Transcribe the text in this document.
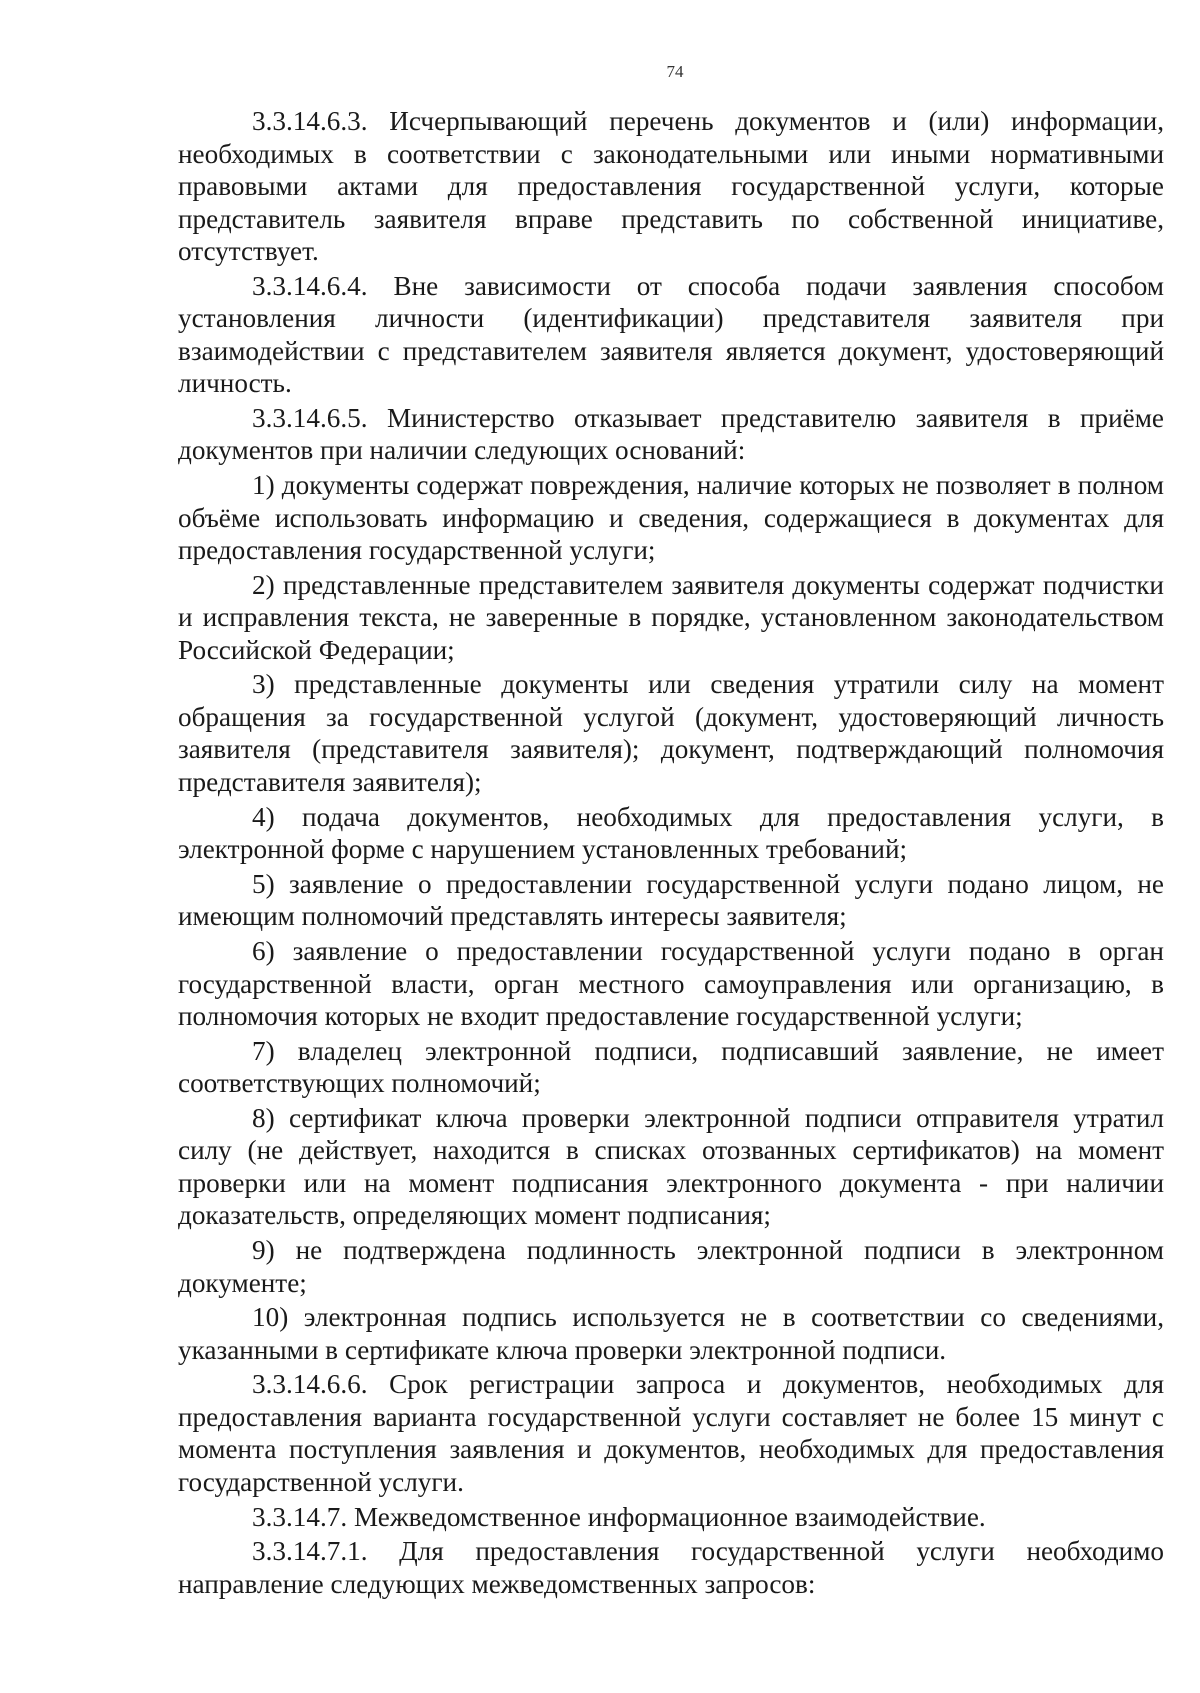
74

3.3.14.6.3. Исчерпывающий перечень документов и (или) информации, необходимых в соответствии с законодательными или иными нормативными правовыми актами для предоставления государственной услуги, которые представитель заявителя вправе представить по собственной инициативе, отсутствует.

3.3.14.6.4. Вне зависимости от способа подачи заявления способом установления личности (идентификации) представителя заявителя при взаимодействии с представителем заявителя является документ, удостоверяющий личность.

3.3.14.6.5. Министерство отказывает представителю заявителя в приёме документов при наличии следующих оснований:

1) документы содержат повреждения, наличие которых не позволяет в полном объёме использовать информацию и сведения, содержащиеся в документах для предоставления государственной услуги;

2) представленные представителем заявителя документы содержат подчистки и исправления текста, не заверенные в порядке, установленном законодательством Российской Федерации;

3) представленные документы или сведения утратили силу на момент обращения за государственной услугой (документ, удостоверяющий личность заявителя (представителя заявителя); документ, подтверждающий полномочия представителя заявителя);

4) подача документов, необходимых для предоставления услуги, в электронной форме с нарушением установленных требований;

5) заявление о предоставлении государственной услуги подано лицом, не имеющим полномочий представлять интересы заявителя;

6) заявление о предоставлении государственной услуги подано в орган государственной власти, орган местного самоуправления или организацию, в полномочия которых не входит предоставление государственной услуги;

7) владелец электронной подписи, подписавший заявление, не имеет соответствующих полномочий;

8) сертификат ключа проверки электронной подписи отправителя утратил силу (не действует, находится в списках отозванных сертификатов) на момент проверки или на момент подписания электронного документа - при наличии доказательств, определяющих момент подписания;

9) не подтверждена подлинность электронной подписи в электронном документе;

10) электронная подпись используется не в соответствии со сведениями, указанными в сертификате ключа проверки электронной подписи.

3.3.14.6.6. Срок регистрации запроса и документов, необходимых для предоставления варианта государственной услуги составляет не более 15 минут с момента поступления заявления и документов, необходимых для предоставления государственной услуги.

3.3.14.7. Межведомственное информационное взаимодействие.

3.3.14.7.1. Для предоставления государственной услуги необходимо направление следующих межведомственных запросов:
